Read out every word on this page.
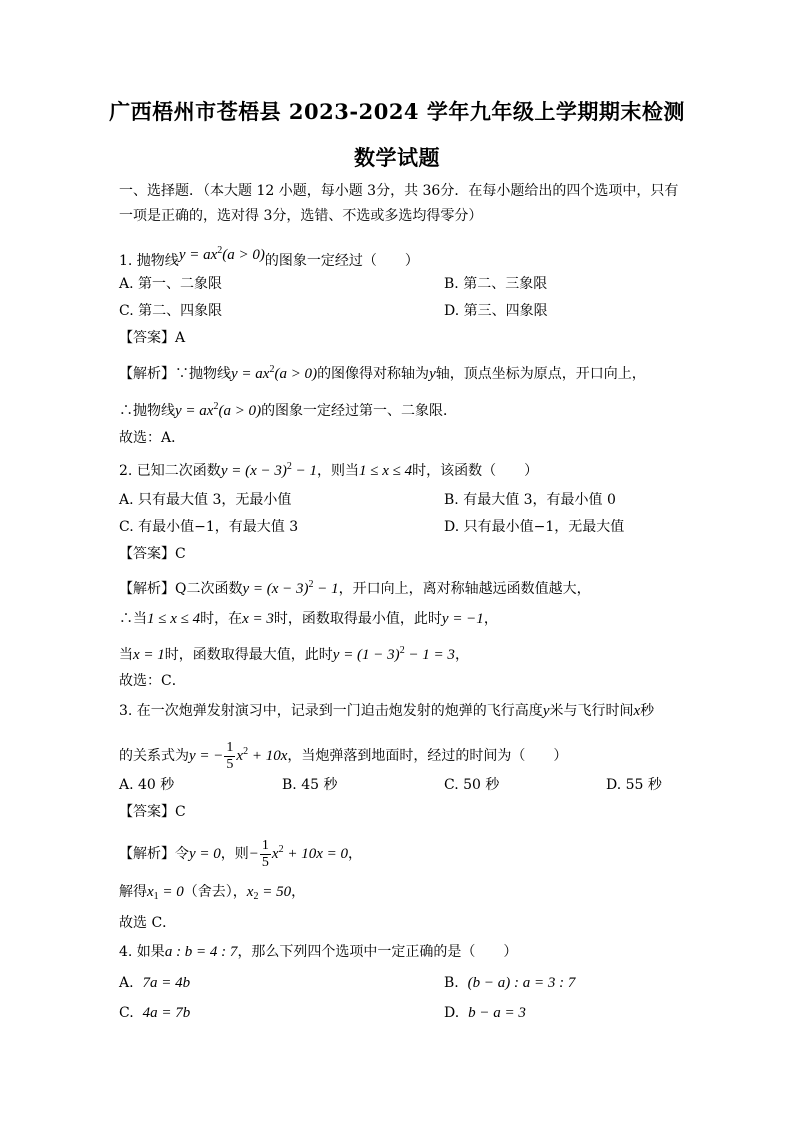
广西梧州市苍梧县 2023-2024 学年九年级上学期期末检测
数学试题
一、选择题．（本大题 12 小题，每小题 3分，共 36分．在每小题给出的四个选项中，只有
一项是正确的，选对得 3分，选错、不选或多选均得零分）
1. 抛物线$y = ax^2(a > 0)$的图象一定经过（　　）
A. 第一、二象限	B. 第二、三象限
C. 第二、四象限	D. 第三、四象限
【答案】A
【解析】∵抛物线$y = ax^2(a > 0)$的图像得对称轴为y轴，顶点坐标为原点，开口向上，
∴抛物线$y = ax^2(a > 0)$的图象一定经过第一、二象限．
故选：A．
2. 已知二次函数$y = (x - 3)^2 - 1$，则当1 ≤ x ≤ 4时，该函数（　　）
A. 只有最大值 3，无最小值	B. 有最大值 3，有最小值 0
C. 有最小值−1，有最大值 3	D. 只有最小值−1，无最大值
【答案】C
【解析】Q二次函数$y = (x - 3)^2 - 1$，开口向上，离对称轴越远函数值越大，
∴当1 ≤ x ≤ 4时，在x = 3时，函数取得最小值，此时y = −1，
当x = 1时，函数取得最大值，此时$y = (1 - 3)^2 - 1 = 3$，
故选：C．
3. 在一次炮弹发射演习中，记录到一门迫击炮发射的炮弹的飞行高度y米与飞行时间x秒
的关系式为y = − $\frac{1}{5} x^2 + 10x$，当炮弹落到地面时，经过的时间为（　　）
A. 40 秒	B. 45 秒	C. 50 秒	D. 55 秒
【答案】C
【解析】令y = 0，则− $\frac{1}{5} x^2 + 10x = 0$，
解得$x_1 = 0$（舍去），$x_2 = 50$，
故选 C．
4. 如果a : b = 4 : 7，那么下列四个选项中一定正确的是（　　）
A. 7a = 4b	B. (b − a) : a = 3 : 7
C. 4a = 7b	D. b − a = 3
